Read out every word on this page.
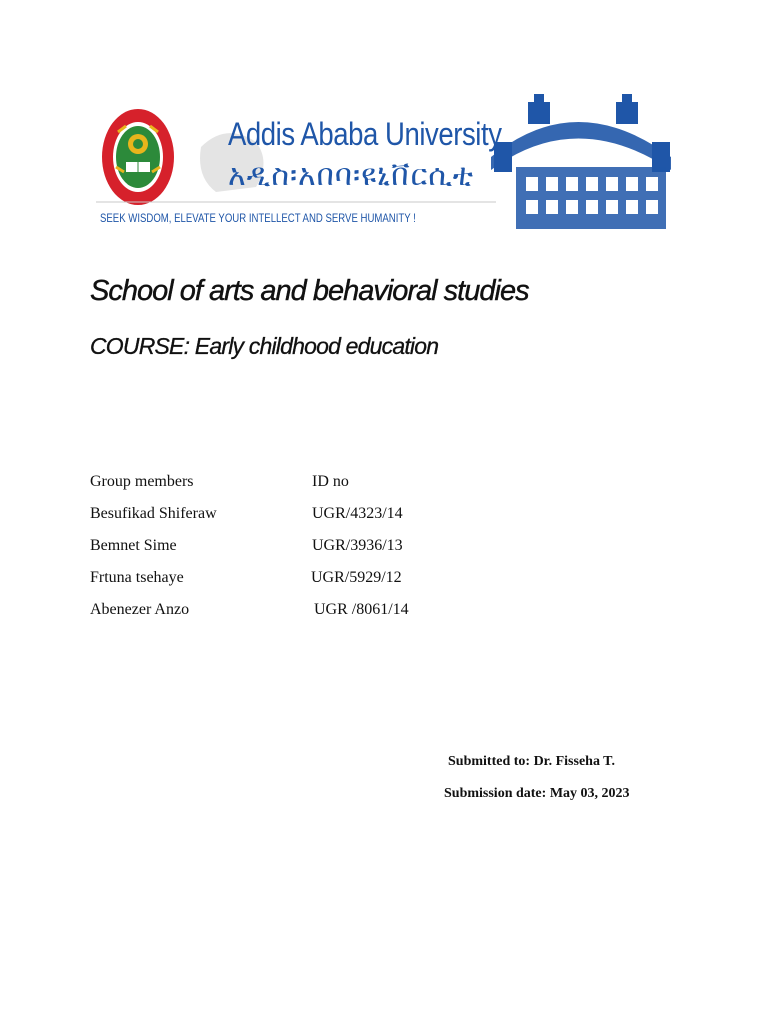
Addis Ababa University
አዲስ፡አበባ፡ዩኒቨርሲቲ
SEEK WISDOM, ELEVATE YOUR INTELLECT AND SERVE HUMANITY !
School of arts and behavioral studies
COURSE: Early childhood education
Group members	ID no
Besufikad Shiferaw	UGR/4323/14
Bemnet Sime	UGR/3936/13
Frtuna tsehaye	UGR/5929/12
Abenezer Anzo	UGR /8061/14
Submitted to: Dr. Fisseha T.
Submission date: May 03, 2023
